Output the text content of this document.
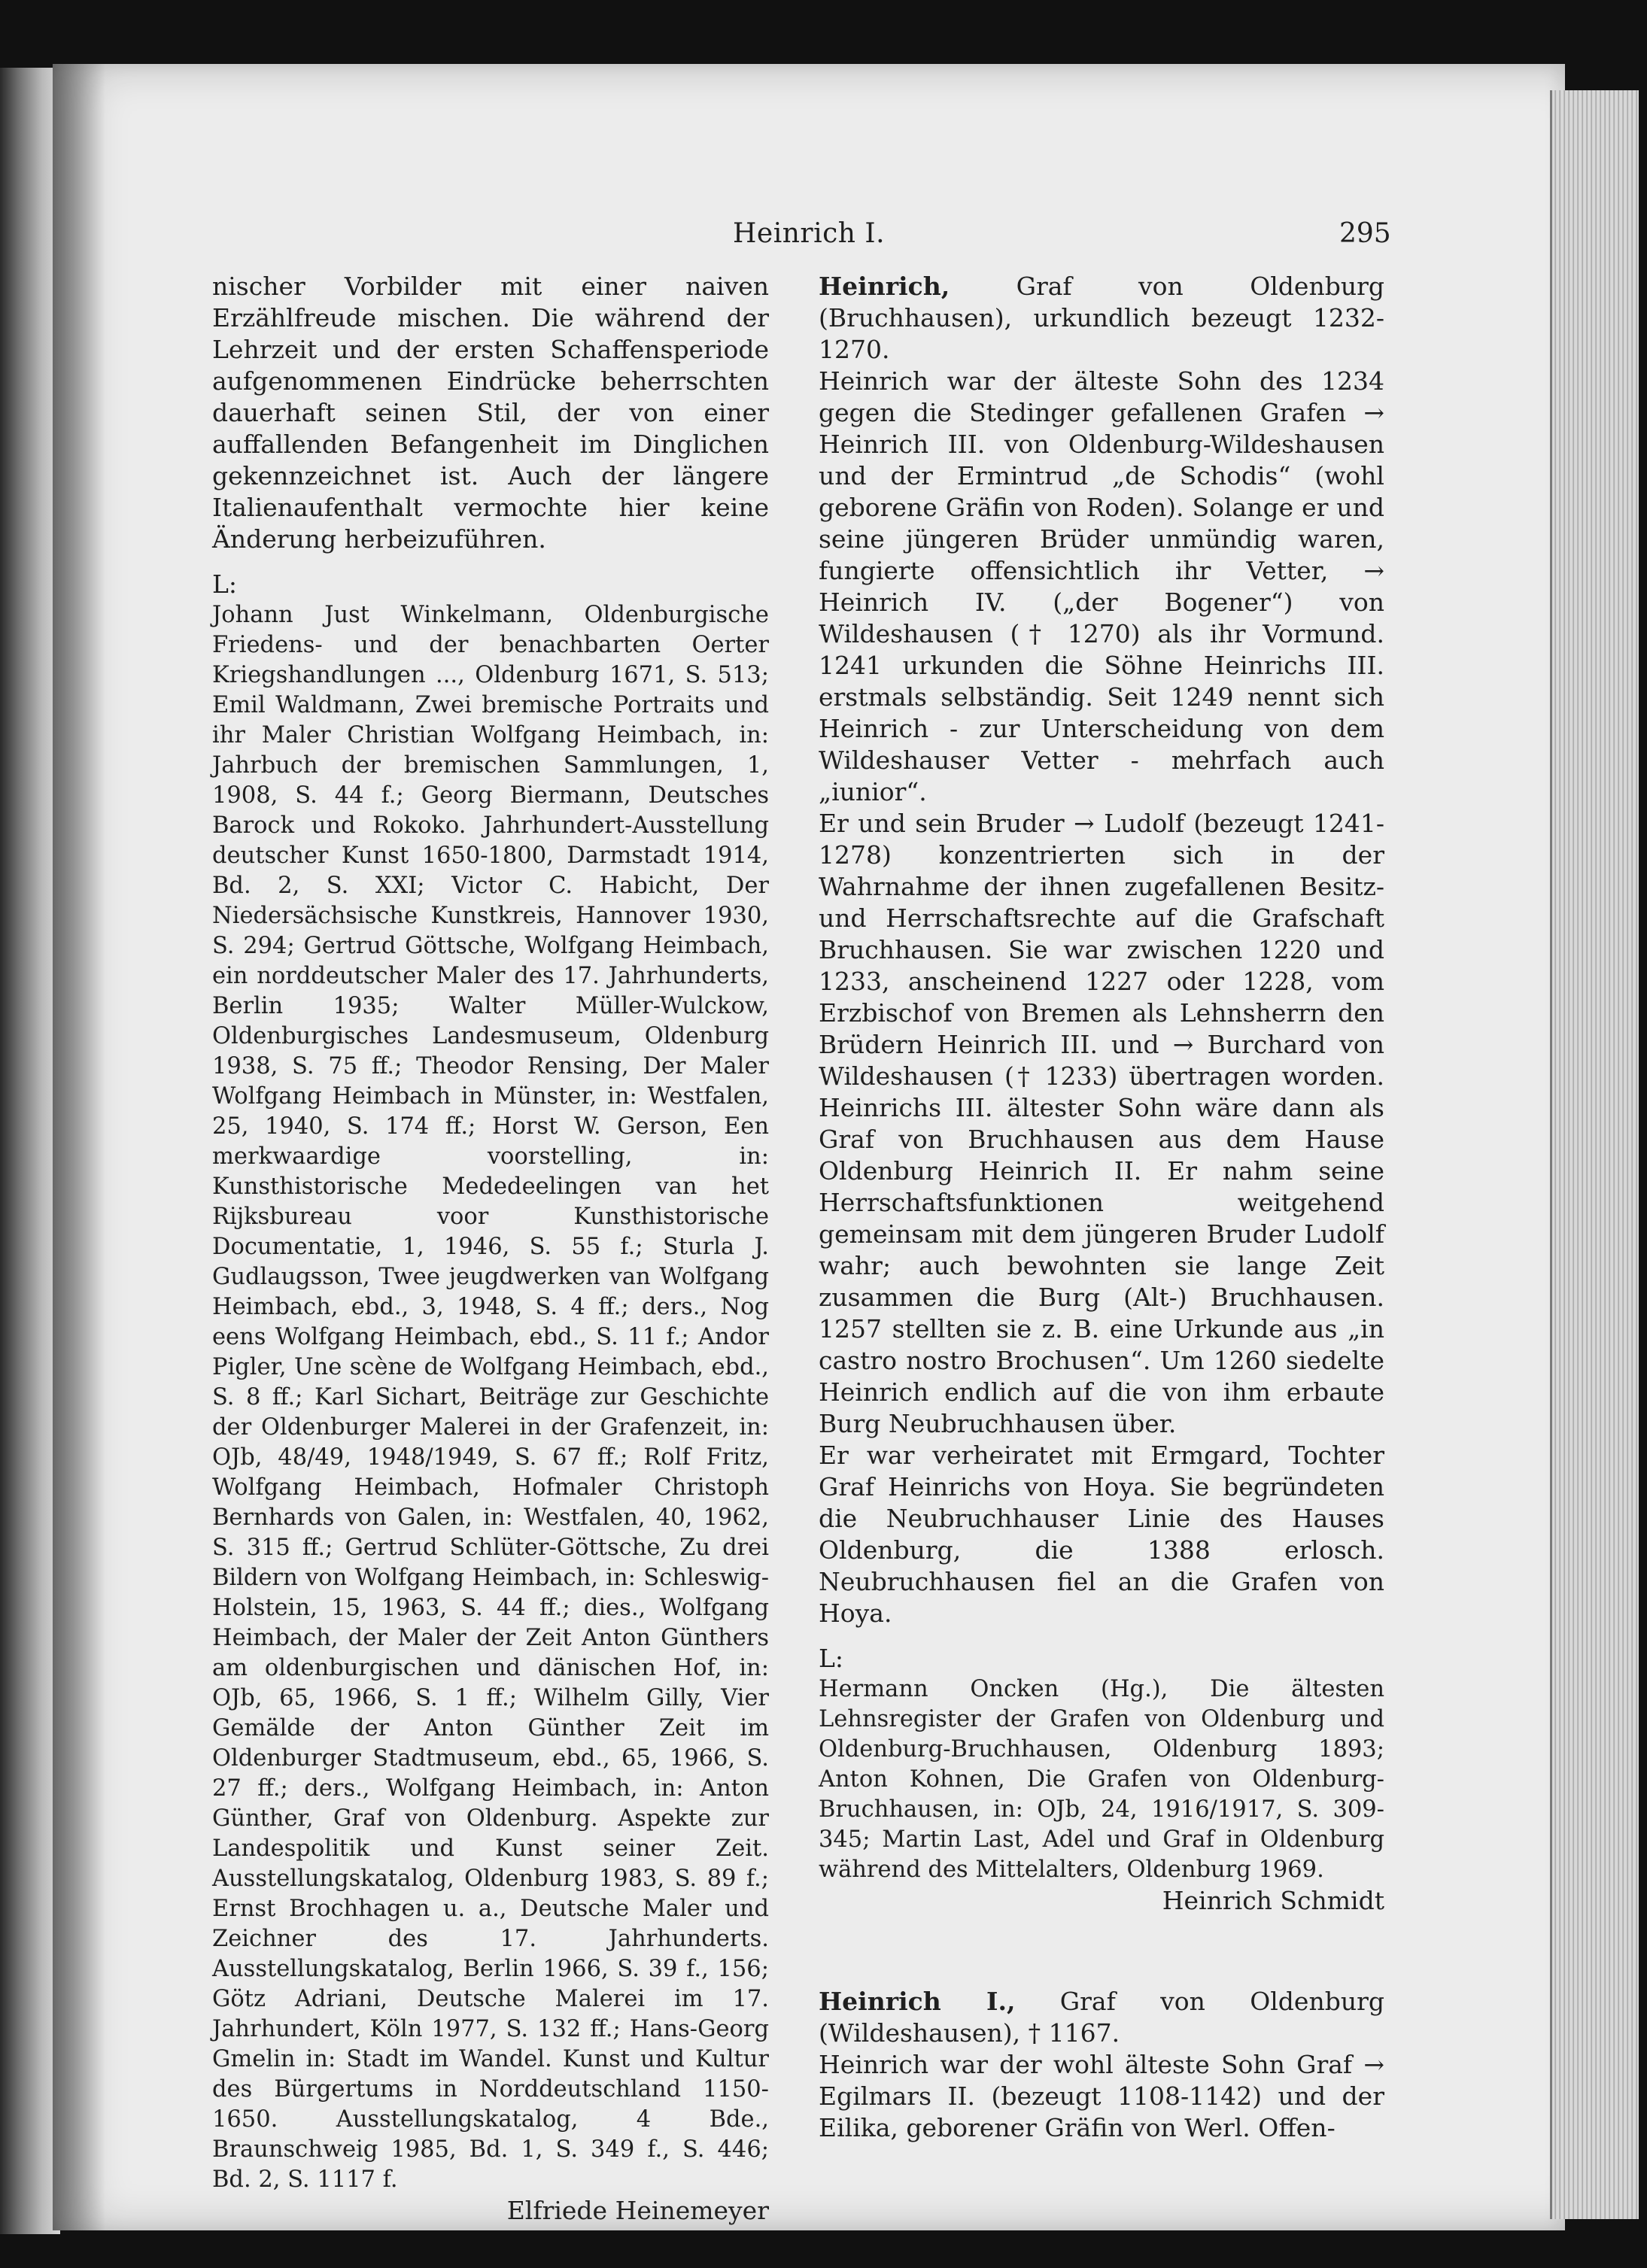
Heinrich I.	295

nischer Vorbilder mit einer naiven Erzählfreude mischen. Die während der Lehrzeit und der ersten Schaffensperiode aufgenommenen Eindrücke beherrschten dauerhaft seinen Stil, der von einer auffallenden Befangenheit im Dinglichen gekennzeichnet ist. Auch der längere Italienaufenthalt vermochte hier keine Änderung herbeizuführen.

L:

Johann Just Winkelmann, Oldenburgische Friedens- und der benachbarten Oerter Kriegshandlungen ..., Oldenburg 1671, S. 513; Emil Waldmann, Zwei bremische Portraits und ihr Maler Christian Wolfgang Heimbach, in: Jahrbuch der bremischen Sammlungen, 1, 1908, S. 44 f.; Georg Biermann, Deutsches Barock und Rokoko. Jahrhundert-Ausstellung deutscher Kunst 1650-1800, Darmstadt 1914, Bd. 2, S. XXI; Victor C. Habicht, Der Niedersächsische Kunstkreis, Hannover 1930, S. 294; Gertrud Göttsche, Wolfgang Heimbach, ein norddeutscher Maler des 17. Jahrhunderts, Berlin 1935; Walter Müller-Wulckow, Oldenburgisches Landesmuseum, Oldenburg 1938, S. 75 ff.; Theodor Rensing, Der Maler Wolfgang Heimbach in Münster, in: Westfalen, 25, 1940, S. 174 ff.; Horst W. Gerson, Een merkwaardige voorstelling, in: Kunsthistorische Mededeelingen van het Rijksbureau voor Kunsthistorische Documentatie, 1, 1946, S. 55 f.; Sturla J. Gudlaugsson, Twee jeugdwerken van Wolfgang Heimbach, ebd., 3, 1948, S. 4 ff.; ders., Nog eens Wolfgang Heimbach, ebd., S. 11 f.; Andor Pigler, Une scène de Wolfgang Heimbach, ebd., S. 8 ff.; Karl Sichart, Beiträge zur Geschichte der Oldenburger Malerei in der Grafenzeit, in: OJb, 48/49, 1948/1949, S. 67 ff.; Rolf Fritz, Wolfgang Heimbach, Hofmaler Christoph Bernhards von Galen, in: Westfalen, 40, 1962, S. 315 ff.; Gertrud Schlüter-Göttsche, Zu drei Bildern von Wolfgang Heimbach, in: Schleswig-Holstein, 15, 1963, S. 44 ff.; dies., Wolfgang Heimbach, der Maler der Zeit Anton Günthers am oldenburgischen und dänischen Hof, in: OJb, 65, 1966, S. 1 ff.; Wilhelm Gilly, Vier Gemälde der Anton Günther Zeit im Oldenburger Stadtmuseum, ebd., 65, 1966, S. 27 ff.; ders., Wolfgang Heimbach, in: Anton Günther, Graf von Oldenburg. Aspekte zur Landespolitik und Kunst seiner Zeit. Ausstellungskatalog, Oldenburg 1983, S. 89 f.; Ernst Brochhagen u. a., Deutsche Maler und Zeichner des 17. Jahrhunderts. Ausstellungskatalog, Berlin 1966, S. 39 f., 156; Götz Adriani, Deutsche Malerei im 17. Jahrhundert, Köln 1977, S. 132 ff.; Hans-Georg Gmelin in: Stadt im Wandel. Kunst und Kultur des Bürgertums in Norddeutschland 1150-1650. Ausstellungskatalog, 4 Bde., Braunschweig 1985, Bd. 1, S. 349 f., S. 446; Bd. 2, S. 1117 f.

Elfriede Heinemeyer

Heinrich, Graf von Oldenburg (Bruchhausen), urkundlich bezeugt 1232-1270.

Heinrich war der älteste Sohn des 1234 gegen die Stedinger gefallenen Grafen → Heinrich III. von Oldenburg-Wildeshausen und der Ermintrud „de Schodis“ (wohl geborene Gräfin von Roden). Solange er und seine jüngeren Brüder unmündig waren, fungierte offensichtlich ihr Vetter, → Heinrich IV. („der Bogener“) von Wildeshausen († 1270) als ihr Vormund. 1241 urkunden die Söhne Heinrichs III. erstmals selbständig. Seit 1249 nennt sich Heinrich - zur Unterscheidung von dem Wildeshauser Vetter - mehrfach auch „iunior“.

Er und sein Bruder → Ludolf (bezeugt 1241-1278) konzentrierten sich in der Wahrnahme der ihnen zugefallenen Besitz- und Herrschaftsrechte auf die Grafschaft Bruchhausen. Sie war zwischen 1220 und 1233, anscheinend 1227 oder 1228, vom Erzbischof von Bremen als Lehnsherrn den Brüdern Heinrich III. und → Burchard von Wildeshausen († 1233) übertragen worden. Heinrichs III. ältester Sohn wäre dann als Graf von Bruchhausen aus dem Hause Oldenburg Heinrich II. Er nahm seine Herrschaftsfunktionen weitgehend gemeinsam mit dem jüngeren Bruder Ludolf wahr; auch bewohnten sie lange Zeit zusammen die Burg (Alt-) Bruchhausen. 1257 stellten sie z. B. eine Urkunde aus „in castro nostro Brochusen“. Um 1260 siedelte Heinrich endlich auf die von ihm erbaute Burg Neubruchhausen über.

Er war verheiratet mit Ermgard, Tochter Graf Heinrichs von Hoya. Sie begründeten die Neubruchhauser Linie des Hauses Oldenburg, die 1388 erlosch. Neubruchhausen fiel an die Grafen von Hoya.

L:

Hermann Oncken (Hg.), Die ältesten Lehnsregister der Grafen von Oldenburg und Oldenburg-Bruchhausen, Oldenburg 1893; Anton Kohnen, Die Grafen von Oldenburg-Bruchhausen, in: OJb, 24, 1916/1917, S. 309-345; Martin Last, Adel und Graf in Oldenburg während des Mittelalters, Oldenburg 1969.

Heinrich Schmidt

Heinrich I., Graf von Oldenburg (Wildeshausen), † 1167.

Heinrich war der wohl älteste Sohn Graf → Egilmars II. (bezeugt 1108-1142) und der Eilika, geborener Gräfin von Werl. Offen-
